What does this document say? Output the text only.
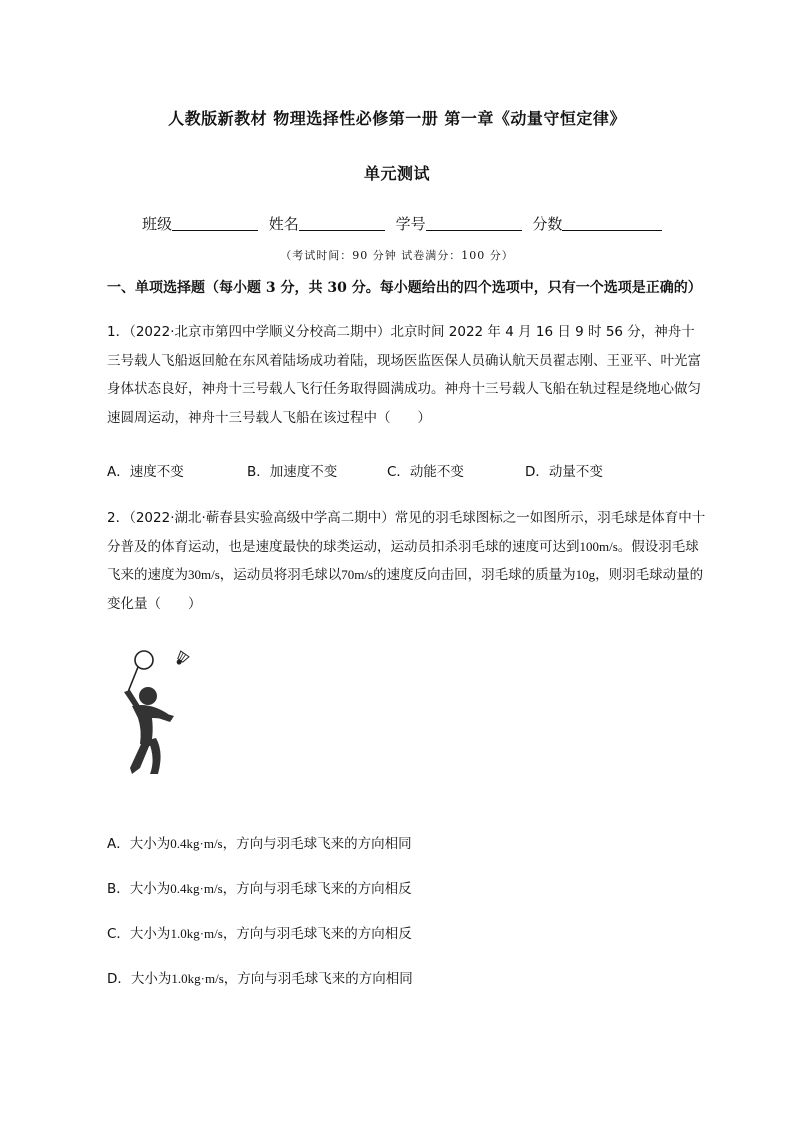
人教版新教材 物理选择性必修第一册 第一章《动量守恒定律》
单元测试
班级	姓名	学号	分数
（考试时间：90 分钟 试卷满分：100 分）
一、单项选择题（每小题 3 分，共 30 分。每小题给出的四个选项中，只有一个选项是正确的）
1．（2022·北京市第四中学顺义分校高二期中）北京时间 2022 年 4 月 16 日 9 时 56 分，神舟十三号载人飞船返回舱在东风着陆场成功着陆，现场医监医保人员确认航天员翟志刚、王亚平、叶光富身体状态良好，神舟十三号载人飞行任务取得圆满成功。神舟十三号载人飞船在轨过程是绕地心做匀速圆周运动，神舟十三号载人飞船在该过程中（　　）
A．速度不变	B．加速度不变	C．动能不变	D．动量不变
2．（2022·湖北·蕲春县实验高级中学高二期中）常见的羽毛球图标之一如图所示，羽毛球是体育中十分普及的体育运动，也是速度最快的球类运动，运动员扣杀羽毛球的速度可达到100m/s。假设羽毛球飞来的速度为30m/s，运动员将羽毛球以70m/s的速度反向击回，羽毛球的质量为10g，则羽毛球动量的变化量（　　）
A．大小为0.4kg·m/s，方向与羽毛球飞来的方向相同
B．大小为0.4kg·m/s，方向与羽毛球飞来的方向相反
C．大小为1.0kg·m/s，方向与羽毛球飞来的方向相反
D．大小为1.0kg·m/s，方向与羽毛球飞来的方向相同
